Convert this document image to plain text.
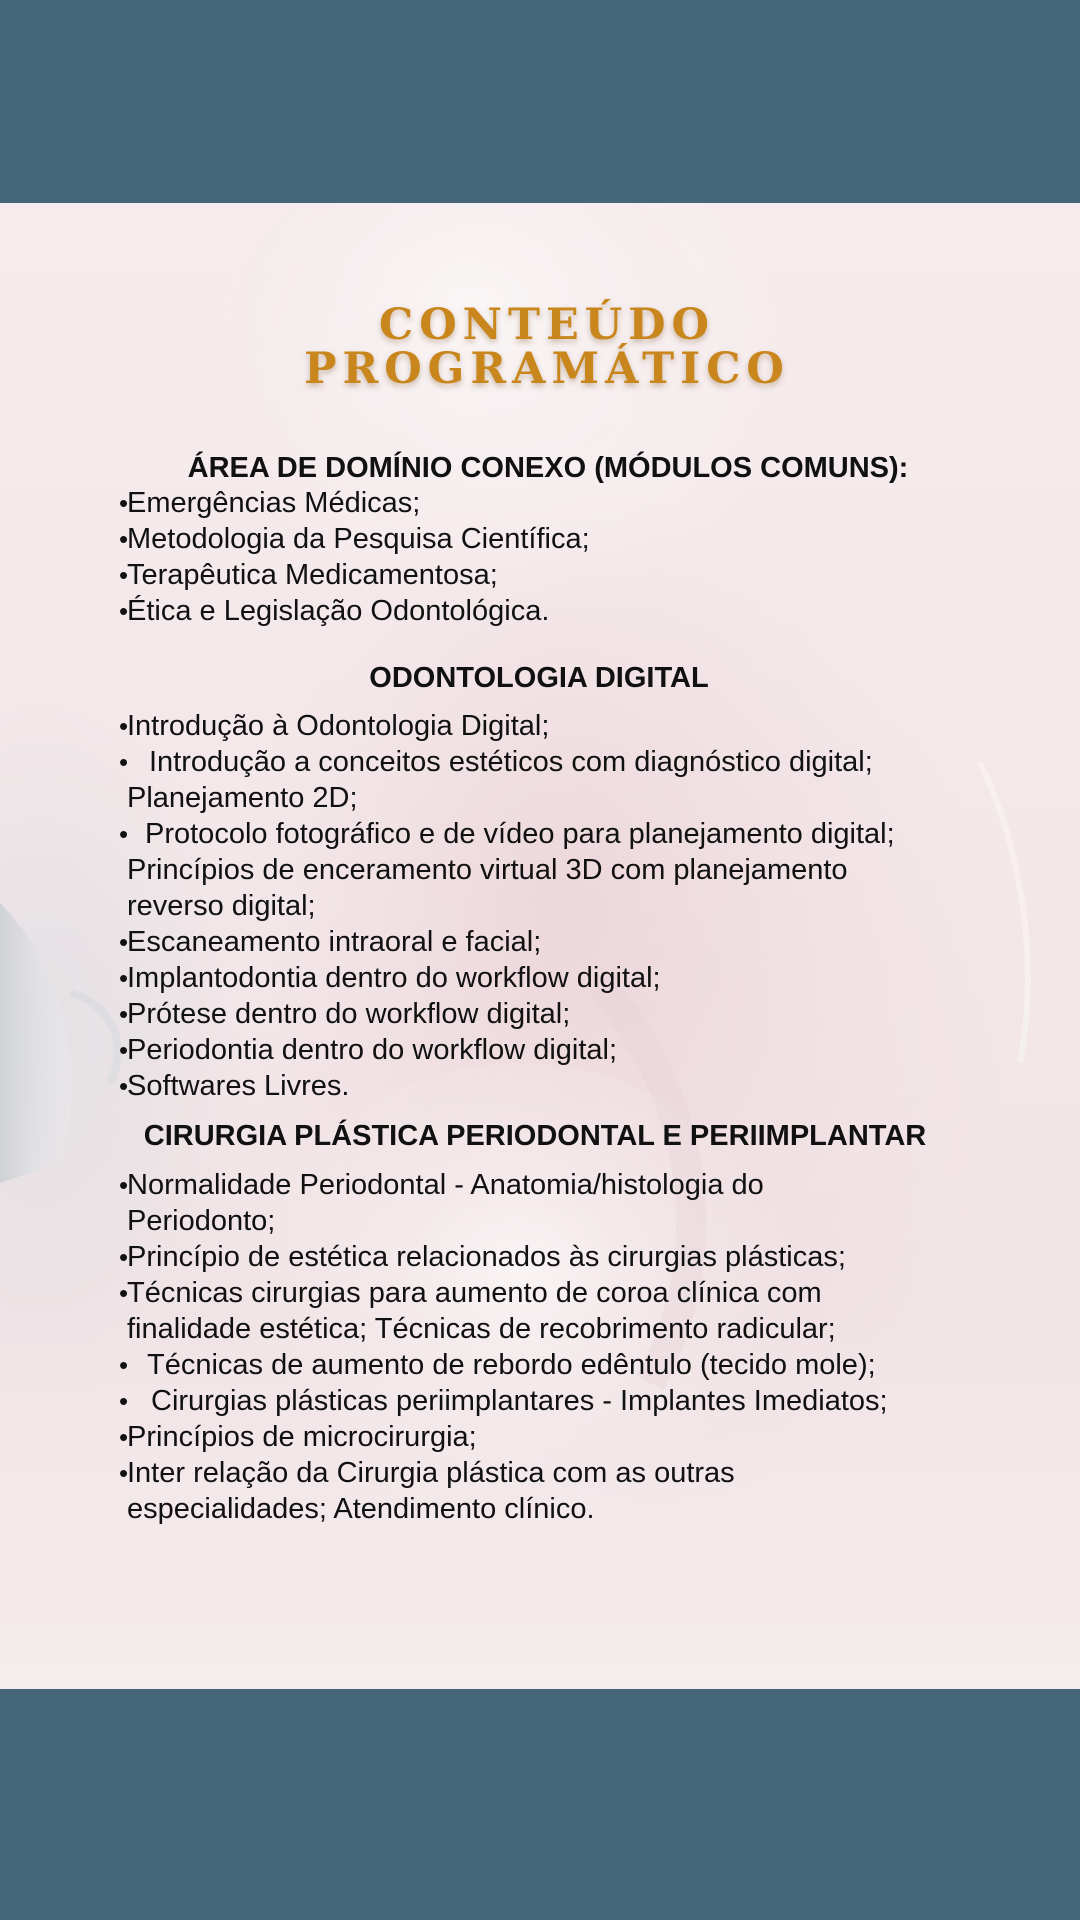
CONTEÚDO
PROGRAMÁTICO
ÁREA DE DOMÍNIO CONEXO (MÓDULOS COMUNS):
• Emergências Médicas;
• Metodologia da Pesquisa Científica;
• Terapêutica Medicamentosa;
• Ética e Legislação Odontológica.
ODONTOLOGIA DIGITAL
• Introdução à Odontologia Digital;
• Introdução a conceitos estéticos com diagnóstico digital;
Planejamento 2D;
• Protocolo fotográfico e de vídeo para planejamento digital;
Princípios de enceramento virtual 3D com planejamento
reverso digital;
• Escaneamento intraoral e facial;
• Implantodontia dentro do workflow digital;
• Prótese dentro do workflow digital;
• Periodontia dentro do workflow digital;
• Softwares Livres.
CIRURGIA PLÁSTICA PERIODONTAL E PERIIMPLANTAR
• Normalidade Periodontal - Anatomia/histologia do
Periodonto;
• Princípio de estética relacionados às cirurgias plásticas;
• Técnicas cirurgias para aumento de coroa clínica com
finalidade estética; Técnicas de recobrimento radicular;
• Técnicas de aumento de rebordo edêntulo (tecido mole);
• Cirurgias plásticas periimplantares - Implantes Imediatos;
• Princípios de microcirurgia;
• Inter relação da Cirurgia plástica com as outras
especialidades; Atendimento clínico.
